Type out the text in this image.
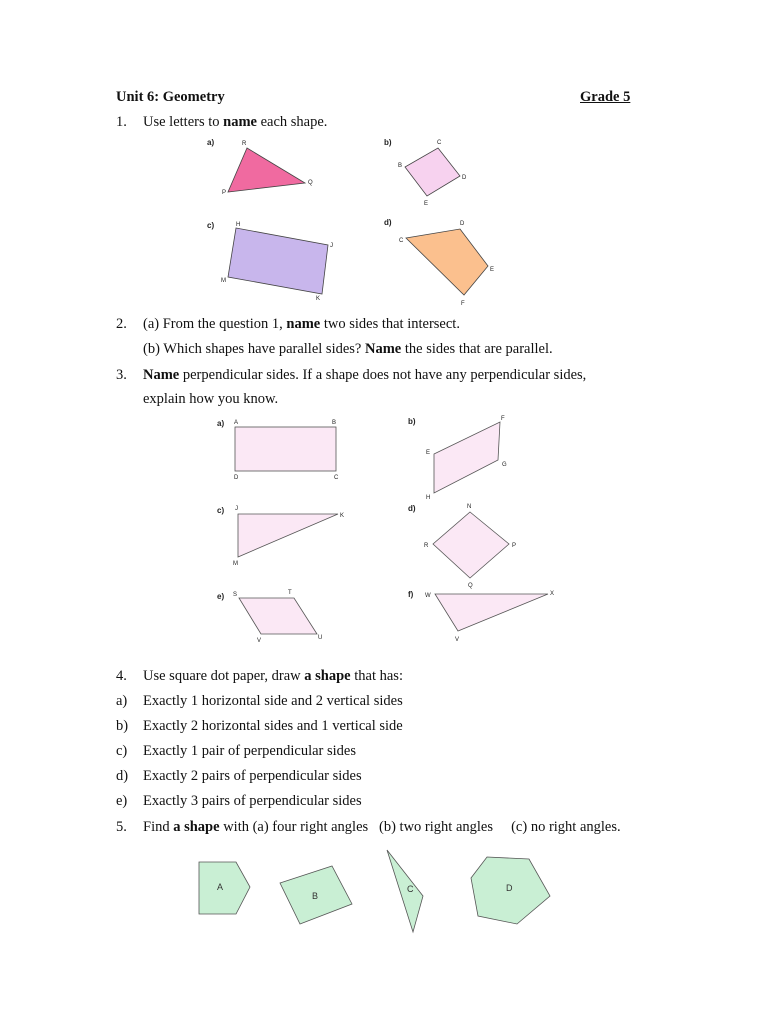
Unit 6: Geometry	Grade 5
1. Use letters to name each shape.
a)	R
Q
P
b)	C
B
D
E
c)	H
J
K
M
d)	D
C
E
F
2. (a) From the question 1, name two sides that intersect.
(b) Which shapes have parallel sides? Name the sides that are parallel.
3. Name perpendicular sides. If a shape does not have any perpendicular sides,
explain how you know.
a) A	B
C
D
b)	F
E
G
H
c) J
K
M
d)	N
R	P
Q
e) S	T
V	U
f) W	X
V
4. Use square dot paper, draw a shape that has:
a) Exactly 1 horizontal side and 2 vertical sides
b) Exactly 2 horizontal sides and 1 vertical side
c) Exactly 1 pair of perpendicular sides
d) Exactly 2 pairs of perpendicular sides
e) Exactly 3 pairs of perpendicular sides
5. Find a shape with (a) four right angles   (b) two right angles     (c) no right angles.
A
B
C	D
